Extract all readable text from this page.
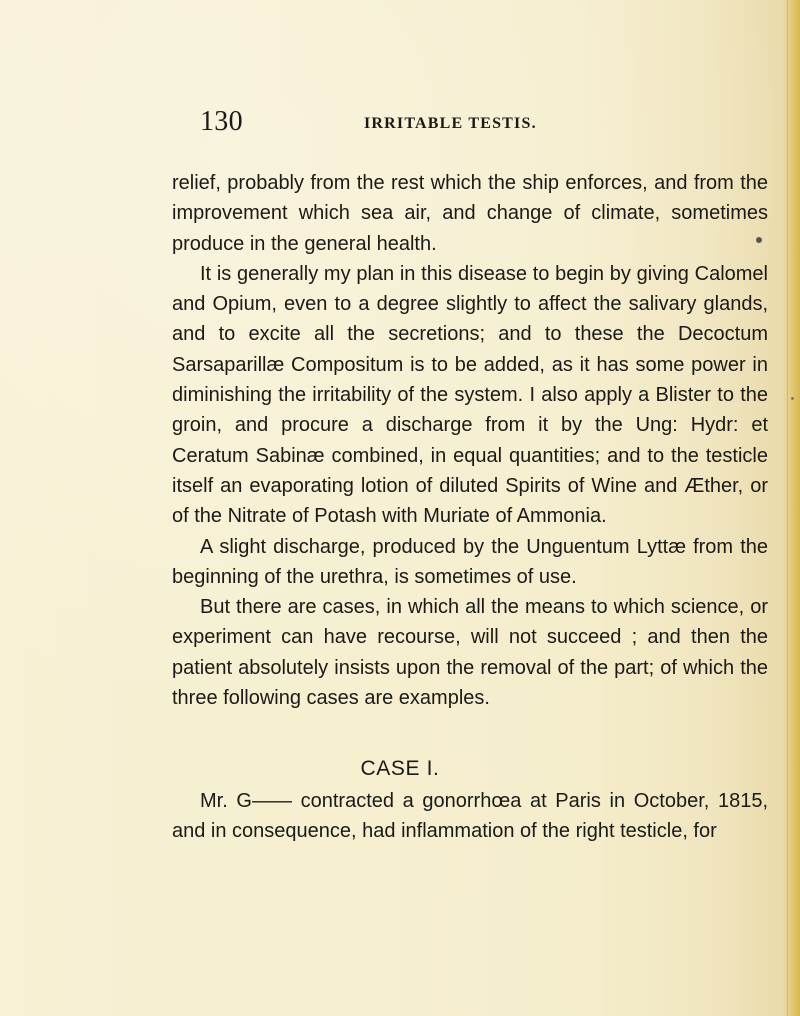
130	IRRITABLE TESTIS.

relief, probably from the rest which the ship enforces, and from the improvement which sea air, and change of climate, sometimes produce in the general health.

It is generally my plan in this disease to begin by giving Calomel and Opium, even to a degree slightly to affect the salivary glands, and to excite all the secretions; and to these the Decoctum Sarsaparillæ Compositum is to be added, as it has some power in diminishing the irritability of the system. I also apply a Blister to the groin, and procure a discharge from it by the Ung: Hydr: et Ceratum Sabinæ combined, in equal quantities; and to the testicle itself an evaporating lotion of diluted Spirits of Wine and Æther, or of the Nitrate of Potash with Muriate of Ammonia.

A slight discharge, produced by the Unguentum Lyttæ from the beginning of the urethra, is sometimes of use.

But there are cases, in which all the means to which science, or experiment can have recourse, will not succeed ; and then the patient absolutely insists upon the removal of the part; of which the three following cases are examples.

CASE I.
Mr. G—— contracted a gonorrhœa at Paris in October, 1815, and in consequence, had inflammation of the right testicle, for
